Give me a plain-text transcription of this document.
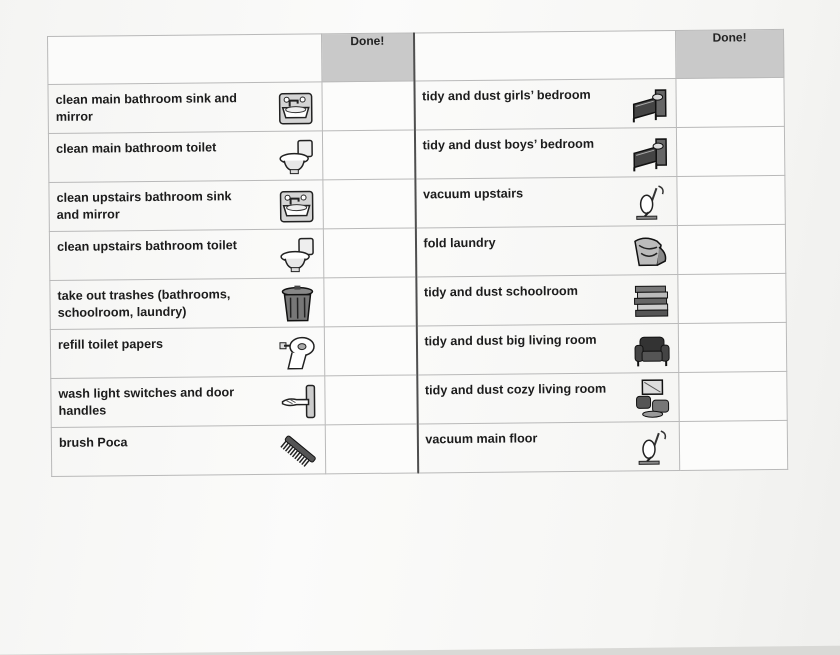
	Done!		Done!

clean main bathroom sink and mirror		tidy and dust girls’ bedroom	

clean main bathroom toilet		tidy and dust boys’ bedroom	

clean upstairs bathroom sink and mirror		vacuum upstairs	

clean upstairs bathroom toilet		fold laundry	

take out trashes (bathrooms, schoolroom, laundry)		tidy and dust schoolroom	

refill toilet papers		tidy and dust big living room	

wash light switches and door handles		tidy and dust cozy living room	

brush Poca		vacuum main floor	
